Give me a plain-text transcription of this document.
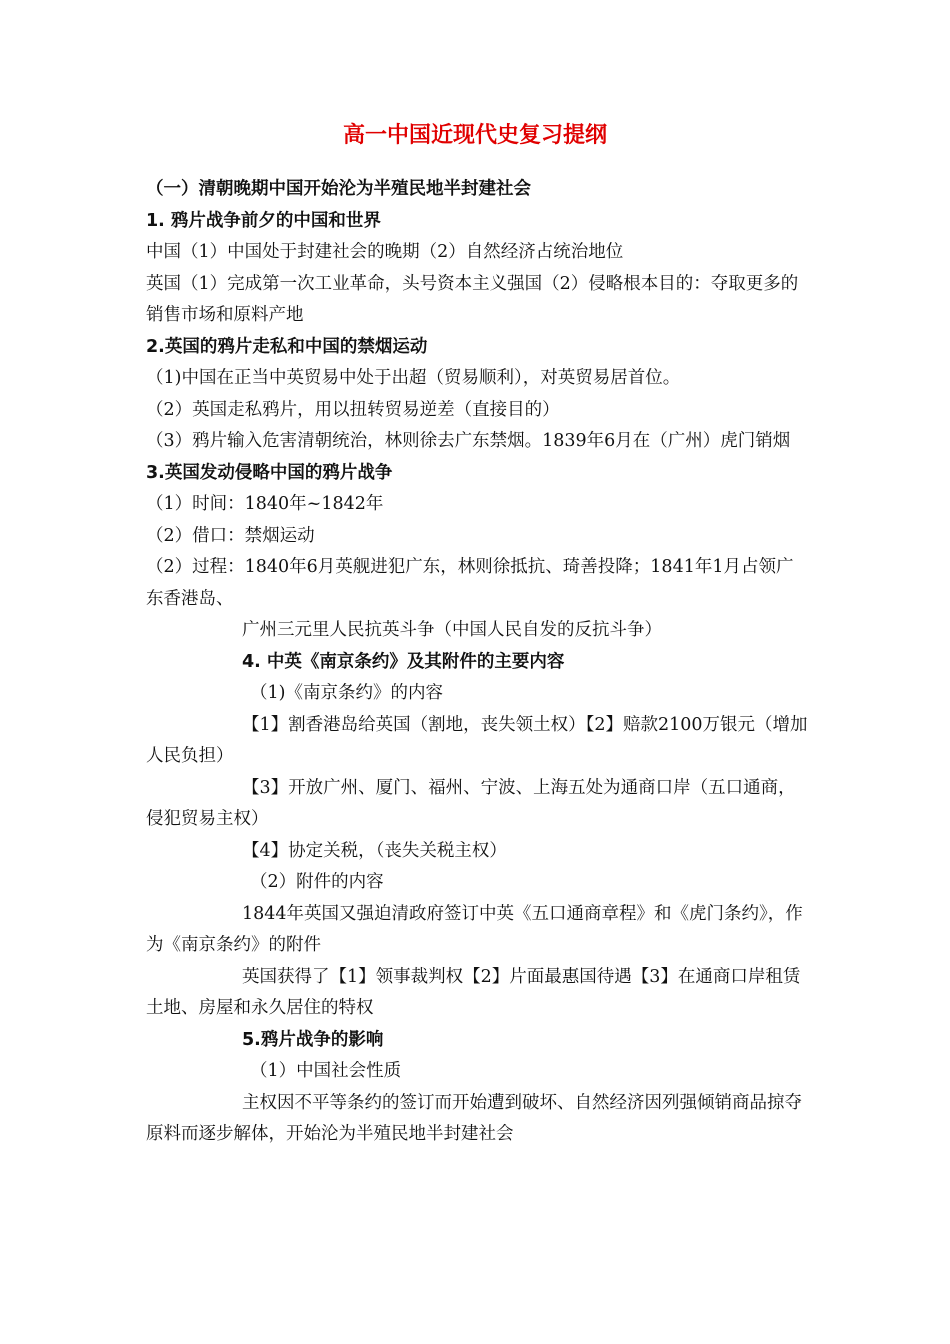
高一中国近现代史复习提纲

（一）清朝晚期中国开始沦为半殖民地半封建社会

1. 鸦片战争前夕的中国和世界

中国（1）中国处于封建社会的晚期（2）自然经济占统治地位

英国（1）完成第一次工业革命，头号资本主义强国（2）侵略根本目的：夺取更多的销售市场和原料产地

2.英国的鸦片走私和中国的禁烟运动

（1)中国在正当中英贸易中处于出超（贸易顺利），对英贸易居首位。

（2）英国走私鸦片，用以扭转贸易逆差（直接目的）

（3）鸦片输入危害清朝统治，林则徐去广东禁烟。1839年6月在（广州）虎门销烟

3.英国发动侵略中国的鸦片战争

（1）时间：1840年~1842年

（2）借口：禁烟运动

（2）过程：1840年6月英舰进犯广东，林则徐抵抗、琦善投降；1841年1月占领广东香港岛、

广州三元里人民抗英斗争（中国人民自发的反抗斗争）

4. 中英《南京条约》及其附件的主要内容

（1)《南京条约》的内容

【1】割香港岛给英国（割地，丧失领土权）【2】赔款2100万银元（增加人民负担）

【3】开放广州、厦门、福州、宁波、上海五处为通商口岸（五口通商，侵犯贸易主权）

【4】协定关税，（丧失关税主权）

（2）附件的内容

1844年英国又强迫清政府签订中英《五口通商章程》和《虎门条约》，作为《南京条约》的附件

英国获得了【1】领事裁判权【2】片面最惠国待遇【3】在通商口岸租赁土地、房屋和永久居住的特权

5.鸦片战争的影响

（1）中国社会性质

主权因不平等条约的签订而开始遭到破坏、自然经济因列强倾销商品掠夺原料而逐步解体，开始沦为半殖民地半封建社会
